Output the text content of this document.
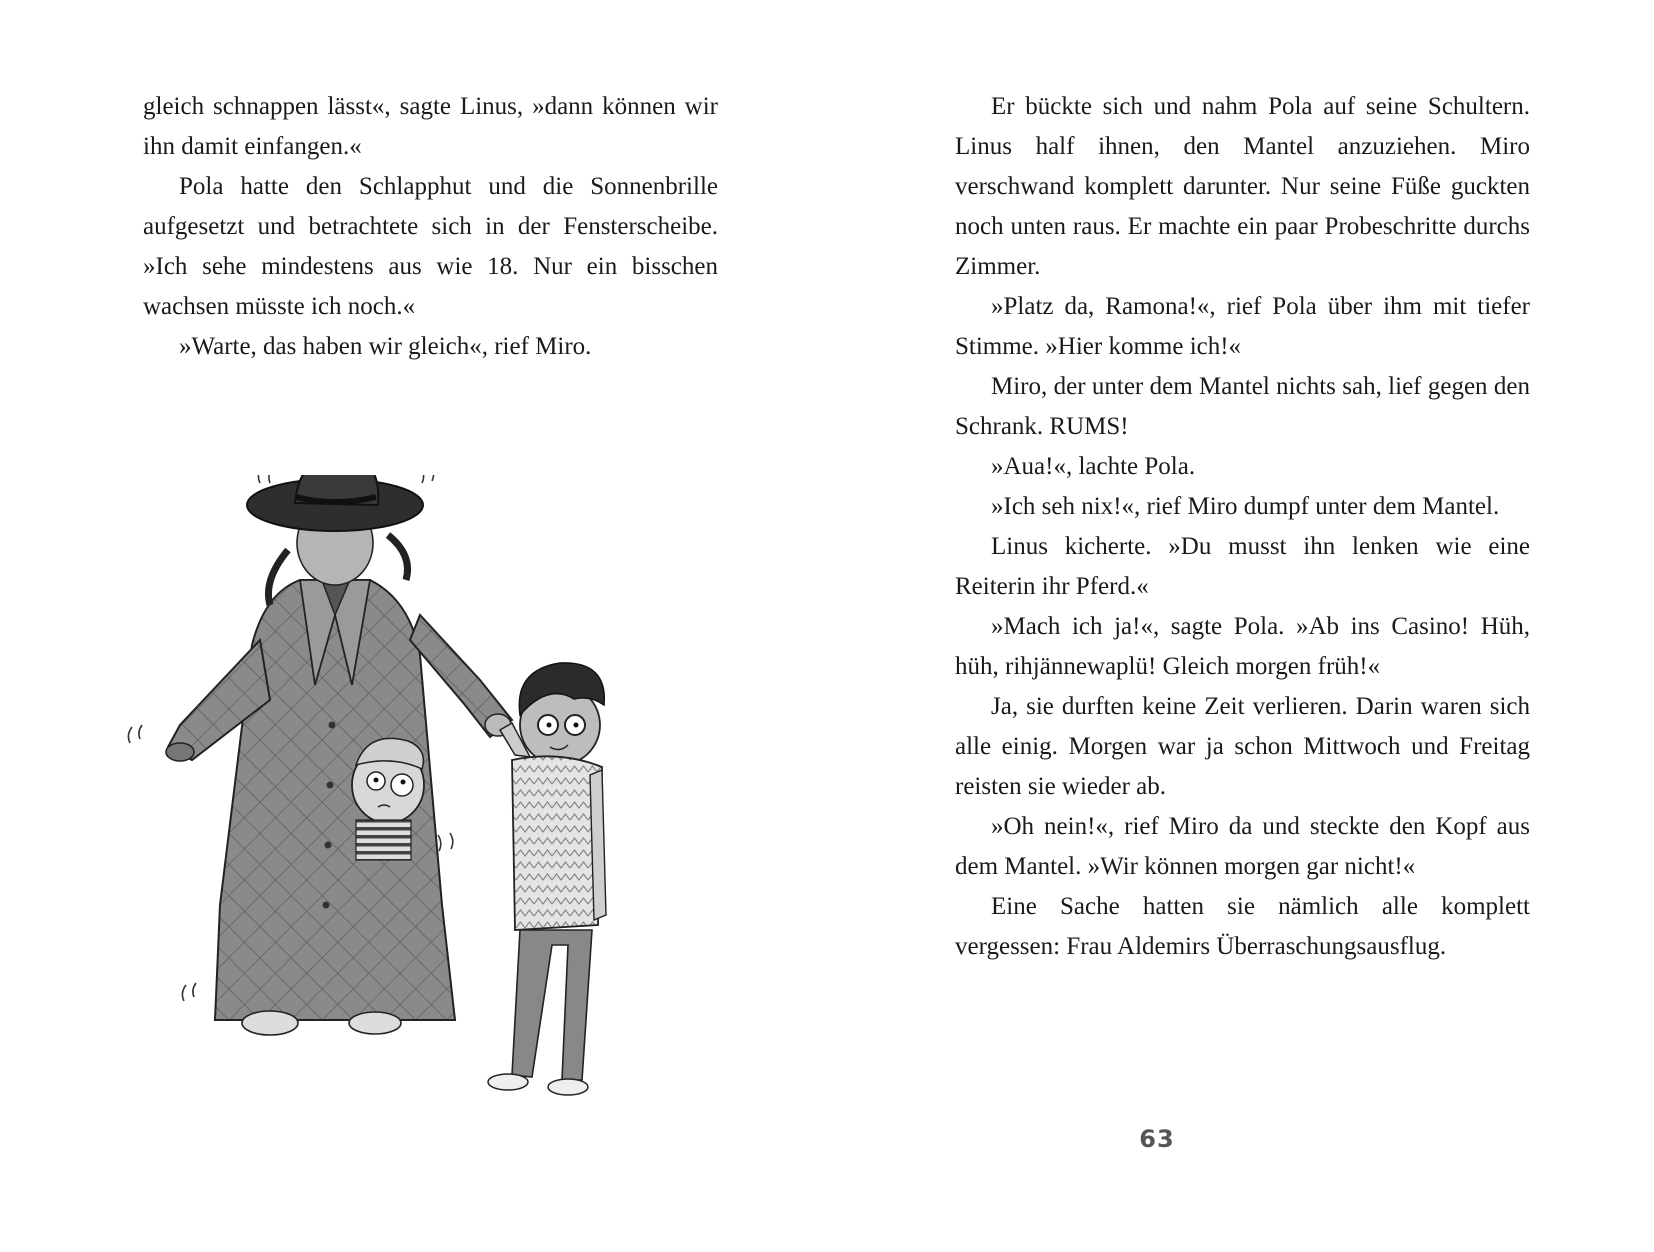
gleich schnappen lässt«, sagte Linus, »dann können wir ihn damit einfangen.«

Pola hatte den Schlapphut und die Sonnenbrille aufgesetzt und betrachtete sich in der Fensterscheibe. »Ich sehe mindestens aus wie 18. Nur ein bisschen wachsen müsste ich noch.«

»Warte, das haben wir gleich«, rief Miro.

Er bückte sich und nahm Pola auf seine Schultern. Linus half ihnen, den Mantel anzuziehen. Miro verschwand komplett darunter. Nur seine Füße guckten noch unten raus. Er machte ein paar Probeschritte durchs Zimmer.

»Platz da, Ramona!«, rief Pola über ihm mit tiefer Stimme. »Hier komme ich!«

Miro, der unter dem Mantel nichts sah, lief gegen den Schrank. RUMS!

»Aua!«, lachte Pola.

»Ich seh nix!«, rief Miro dumpf unter dem Mantel.

Linus kicherte. »Du musst ihn lenken wie eine Reiterin ihr Pferd.«

»Mach ich ja!«, sagte Pola. »Ab ins Casino! Hüh, hüh, rihjännewaplü! Gleich morgen früh!«

Ja, sie durften keine Zeit verlieren. Darin waren sich alle einig. Morgen war ja schon Mittwoch und Freitag reisten sie wieder ab.

»Oh nein!«, rief Miro da und steckte den Kopf aus dem Mantel. »Wir können morgen gar nicht!«

Eine Sache hatten sie nämlich alle komplett vergessen: Frau Aldemirs Überraschungsausflug.

63
